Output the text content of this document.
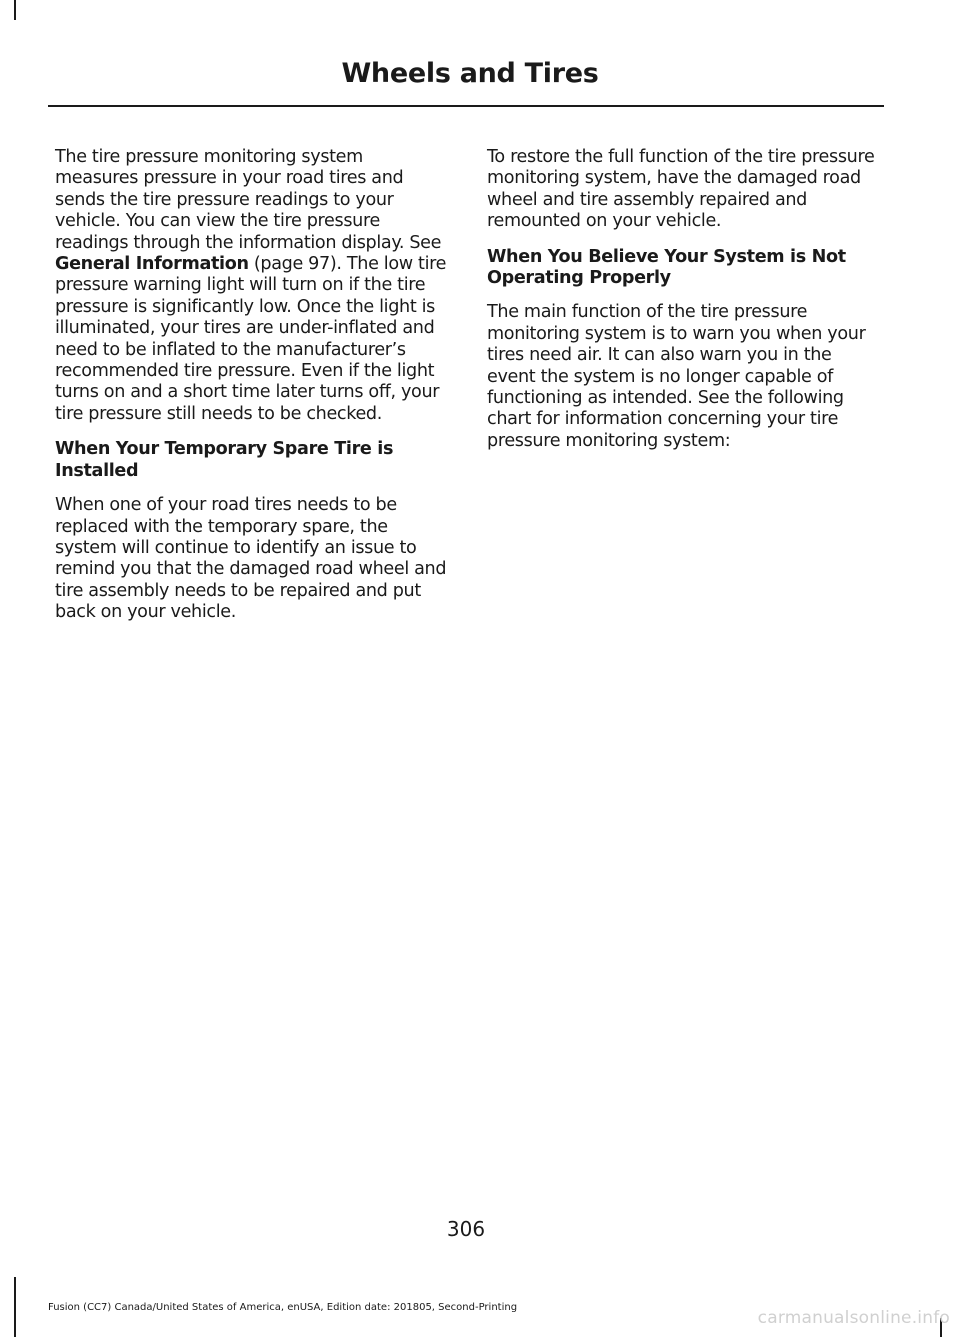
Wheels and Tires

The tire pressure monitoring system measures pressure in your road tires and sends the tire pressure readings to your vehicle. You can view the tire pressure readings through the information display. See General Information (page 97). The low tire pressure warning light will turn on if the tire pressure is significantly low. Once the light is illuminated, your tires are under-inflated and need to be inflated to the manufacturer’s recommended tire pressure. Even if the light turns on and a short time later turns off, your tire pressure still needs to be checked.

When Your Temporary Spare Tire is Installed

When one of your road tires needs to be replaced with the temporary spare, the system will continue to identify an issue to remind you that the damaged road wheel and tire assembly needs to be repaired and put back on your vehicle.

To restore the full function of the tire pressure monitoring system, have the damaged road wheel and tire assembly repaired and remounted on your vehicle.

When You Believe Your System is Not Operating Properly

The main function of the tire pressure monitoring system is to warn you when your tires need air. It can also warn you in the event the system is no longer capable of functioning as intended. See the following chart for information concerning your tire pressure monitoring system:

306
Fusion (CC7) Canada/United States of America, enUSA, Edition date: 201805, Second-Printing
carmanualsonline.info
